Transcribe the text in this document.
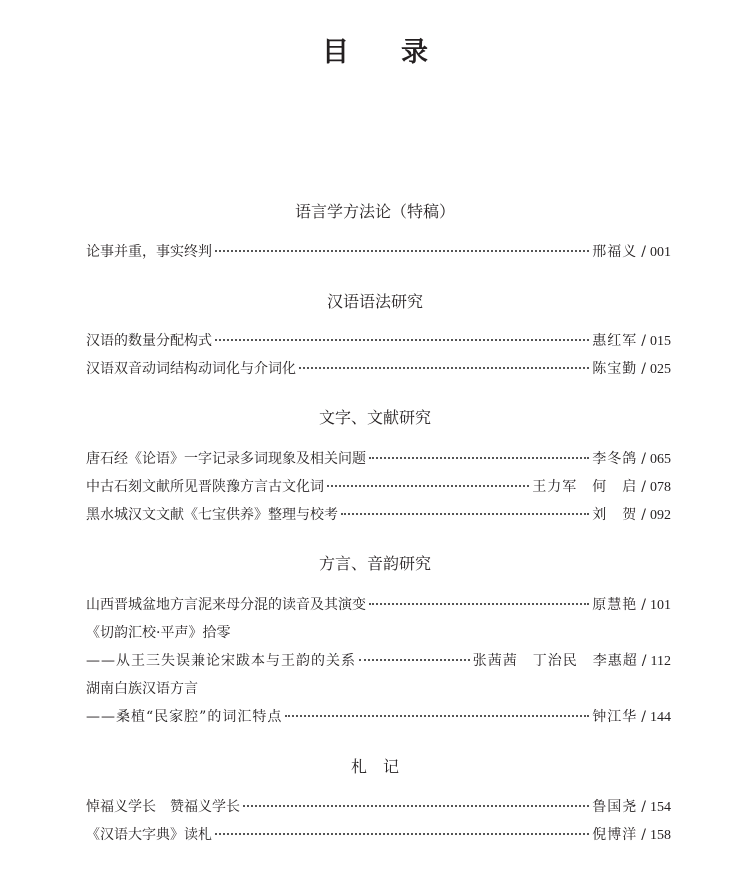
目 录
语言学方法论（特稿）
论事并重，事实终判	邢福义 / 001
汉语语法研究
汉语的数量分配构式	惠红军 / 015
汉语双音动词结构动词化与介词化	陈宝勤 / 025
文字、文献研究
唐石经《论语》一字记录多词现象及相关问题	李冬鸽 / 065
中古石刻文献所见晋陕豫方言古文化词	王力军　何　启 / 078
黑水城汉文文献《七宝供养》整理与校考	刘　贺 / 092
方言、音韵研究
山西晋城盆地方言泥来母分混的读音及其演变	原慧艳 / 101
《切韵汇校·平声》拾零
——从王三失误兼论宋跋本与王韵的关系	张茜茜　丁治民　李惠超 / 112
湖南白族汉语方言
——桑植“民家腔”的词汇特点	钟江华 / 144
札　记
悼福义学长　赞福义学长	鲁国尧 / 154
《汉语大字典》读札	倪博洋 / 158
